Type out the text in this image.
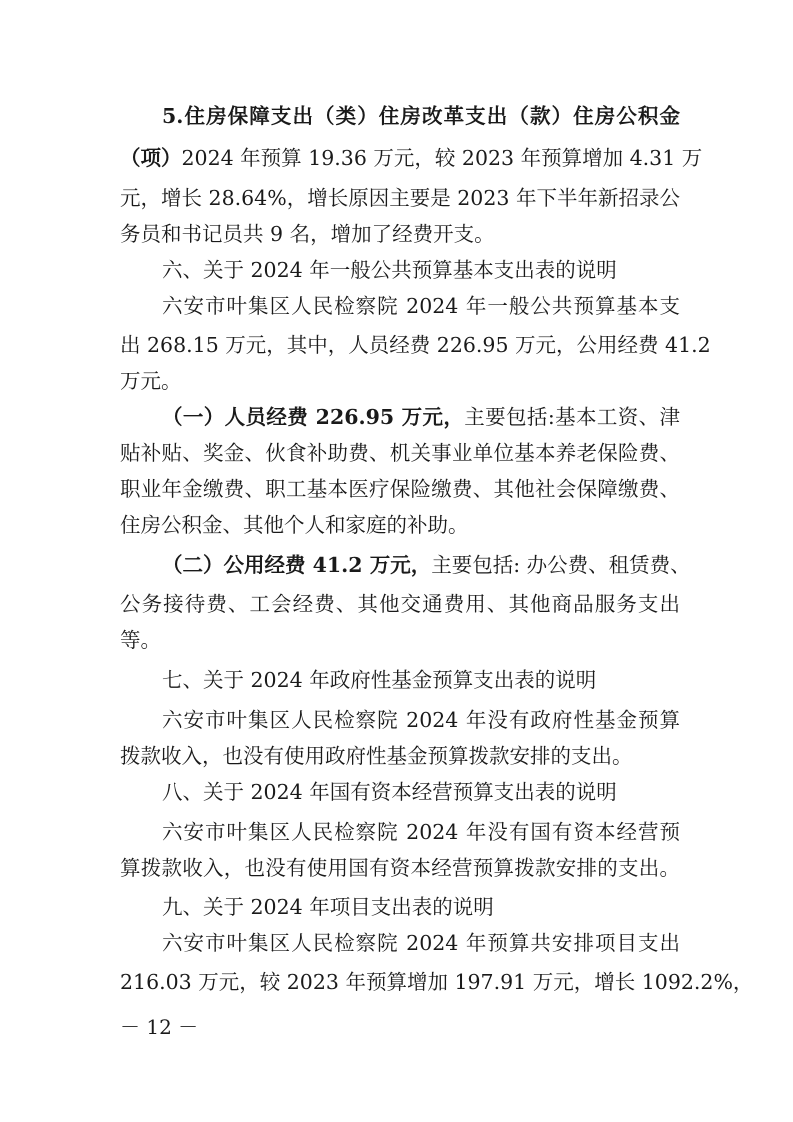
5.住房保障支出（类）住房改革支出（款）住房公积金
（项）2024 年预算 19.36 万元，较 2023 年预算增加 4.31 万
元，增长 28.64%，增长原因主要是 2023 年下半年新招录公
务员和书记员共 9 名，增加了经费开支。
六、关于 2024 年一般公共预算基本支出表的说明
六安市叶集区人民检察院 2024 年一般公共预算基本支
出 268.15 万元，其中，人员经费 226.95 万元，公用经费 41.2
万元。
（一）人员经费 226.95 万元，主要包括:基本工资、津
贴补贴、奖金、伙食补助费、机关事业单位基本养老保险费、
职业年金缴费、职工基本医疗保险缴费、其他社会保障缴费、
住房公积金、其他个人和家庭的补助。
（二）公用经费 41.2 万元，主要包括: 办公费、租赁费、
公务接待费、工会经费、其他交通费用、其他商品服务支出
等。
七、关于 2024 年政府性基金预算支出表的说明
六安市叶集区人民检察院 2024 年没有政府性基金预算
拨款收入，也没有使用政府性基金预算拨款安排的支出。
八、关于 2024 年国有资本经营预算支出表的说明
六安市叶集区人民检察院 2024 年没有国有资本经营预
算拨款收入，也没有使用国有资本经营预算拨款安排的支出。
九、关于 2024 年项目支出表的说明
六安市叶集区人民检察院 2024 年预算共安排项目支出
216.03 万元，较 2023 年预算增加 197.91 万元，增长 1092.2%，
－ 12 －
